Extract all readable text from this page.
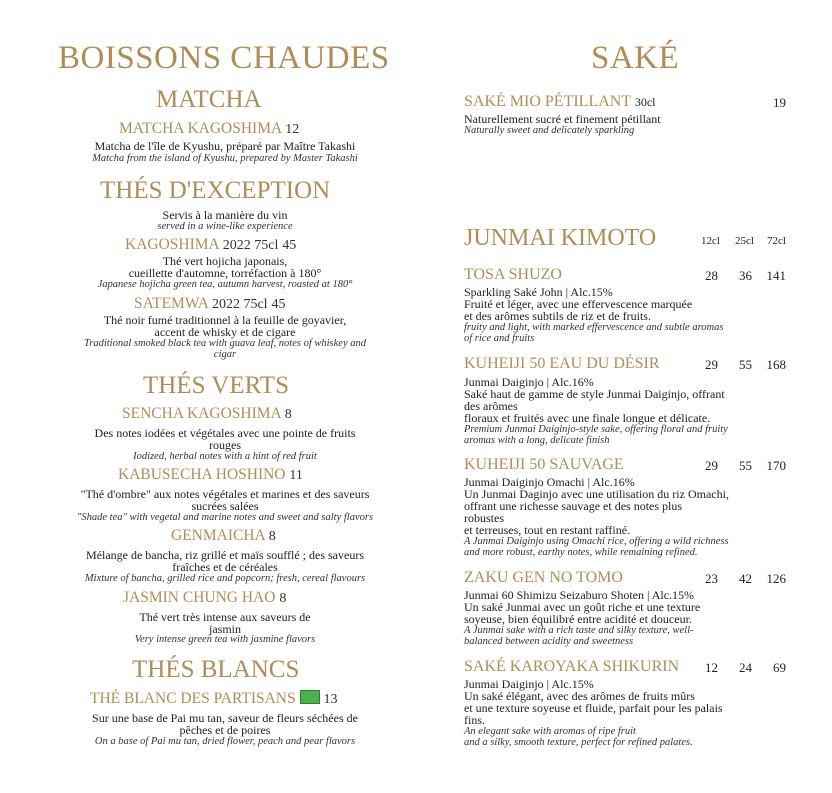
BOISSONS CHAUDES
MATCHA
MATCHA KAGOSHIMA 12
Matcha de l'île de Kyushu, préparé par Maître Takashi
Matcha from the island of Kyushu, prepared by Master Takashi
THÉS D'EXCEPTION
Servis à la manière du vin
served in a wine-like experience
KAGOSHIMA 2022 75cl 45
Thé vert hojicha japonais,
cueillette d'automne, torréfaction à 180°
Japanese hojicha green tea, autumn harvest, roasted at 180°
SATEMWA 2022 75cl 45
Thé noir fumé traditionnel à la feuille de goyavier,
accent de whisky et de cigare
Traditional smoked black tea with guava leaf, notes of whiskey and
cigar
THÉS VERTS
SENCHA KAGOSHIMA 8
Des notes iodées et végétales avec une pointe de fruits
rouges
Iodized, herbal notes with a hint of red fruit
KABUSECHA HOSHINO 11
"Thé d'ombre" aux notes végétales et marines et des saveurs
sucrées salées
"Shade tea" with vegetal and marine notes and sweet and salty flavors
GENMAICHA 8
Mélange de bancha, riz grillé et maïs soufflé ; des saveurs
fraîches et de céréales
Mixture of bancha, grilled rice and popcorn; fresh, cereal flavours
JASMIN CHUNG HAO 8
Thé vert très intense aux saveurs de
jasmin
Very intense green tea with jasmine flavors
THÉS BLANCS
THÉ BLANC DES PARTISANS 13
Sur une base de Pai mu tan, saveur de fleurs séchées de
pêches et de poires
On a base of Pai mu tan, dried flower, peach and pear flavors
SAKÉ
SAKÉ MIO PÉTILLANT 30cl	19
Naturellement sucré et finement pétillant
Naturally sweet and delicately sparkling
JUNMAI KIMOTO	12cl	25cl	72cl
TOSA SHUZO	28	36	141
Sparkling Saké John | Alc.15%
Fruité et léger, avec une effervescence marquée
et des arômes subtils de riz et de fruits.
fruity and light, with marked effervescence and subtle aromas
of rice and fruits
KUHEIJI 50 EAU DU DÉSIR	29	55	168
Junmai Daiginjo | Alc.16%
Saké haut de gamme de style Junmai Daiginjo, offrant
des arômes
floraux et fruités avec une finale longue et délicate.
Premium Junmai Daiginjo-style sake, offering floral and fruity
aromas with a long, delicate finish
KUHEIJI 50 SAUVAGE	29	55	170
Junmai Daiginjo Omachi | Alc.16%
Un Junmai Daginjo avec une utilisation du riz Omachi,
offrant une richesse sauvage et des notes plus
robustes
et terreuses, tout en restant raffiné.
A Junmai Daiginjo using Omachi rice, offering a wild richness
and more robust, earthy notes, while remaining refined.
ZAKU GEN NO TOMO	23	42	126
Junmai 60 Shimizu Seizaburo Shoten | Alc.15%
Un saké Junmai avec un goût riche et une texture
soyeuse, bien équilibré entre acidité et douceur.
A Junmai sake with a rich taste and silky texture, well-
balanced between acidity and sweetness
SAKÉ KAROYAKA SHIKURIN	12	24	69
Junmai Daiginjo | Alc.15%
Un saké élégant, avec des arômes de fruits mûrs
et une texture soyeuse et fluide, parfait pour les palais
fins.
An elegant sake with aromas of ripe fruit
and a silky, smooth texture, perfect for refined palates.
